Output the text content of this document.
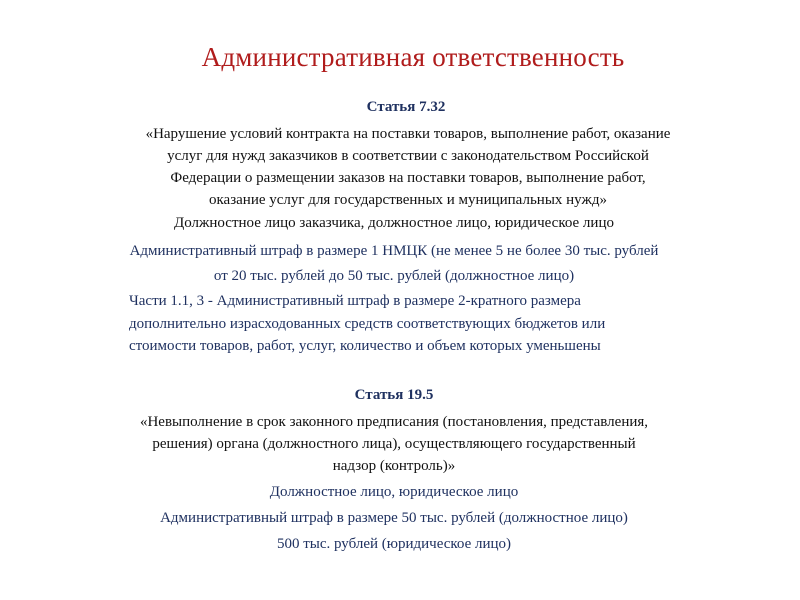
Административная ответственность
Статья 7.32
«Нарушение условий контракта на поставки товаров, выполнение работ, оказание
услуг для нужд заказчиков в соответствии с законодательством Российской
Федерации о размещении заказов на поставки товаров, выполнение работ,
оказание услуг для государственных и муниципальных нужд»
Должностное лицо заказчика, должностное лицо, юридическое лицо
Административный штраф в размере 1 НМЦК (не менее 5 не более 30 тыс. рублей
от 20 тыс. рублей до 50 тыс. рублей (должностное лицо)
Части 1.1, 3 - Административный штраф в размере 2-кратного размера
дополнительно израсходованных средств соответствующих бюджетов или
стоимости товаров, работ, услуг, количество и объем которых уменьшены
Статья 19.5
«Невыполнение в срок законного предписания (постановления, представления,
решения) органа (должностного лица), осуществляющего государственный
надзор (контроль)»
Должностное лицо, юридическое лицо
Административный штраф в размере 50 тыс. рублей (должностное лицо)
500 тыс. рублей (юридическое лицо)
